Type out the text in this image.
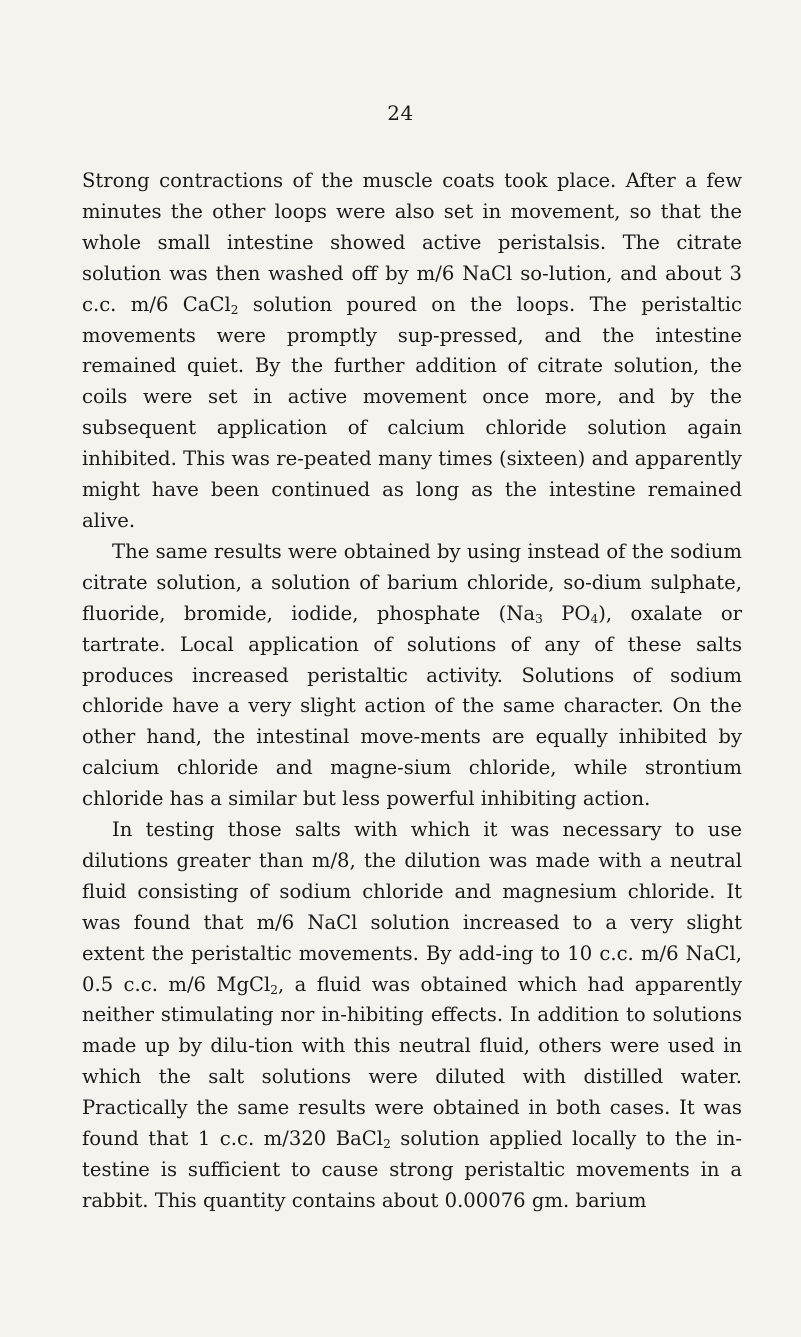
24

Strong contractions of the muscle coats took place. After a few minutes the other loops were also set in movement, so that the whole small intestine showed active peristalsis. The citrate solution was then washed off by m/6 NaCl so-lution, and about 3 c.c. m/6 CaCl$_2$ solution poured on the loops. The peristaltic movements were promptly sup-pressed, and the intestine remained quiet. By the further addition of citrate solution, the coils were set in active movement once more, and by the subsequent application of calcium chloride solution again inhibited. This was re-peated many times (sixteen) and apparently might have been continued as long as the intestine remained alive.

The same results were obtained by using instead of the sodium citrate solution, a solution of barium chloride, so-dium sulphate, fluoride, bromide, iodide, phosphate ($Na_3$ $PO_4$), oxalate or tartrate. Local application of solutions of any of these salts produces increased peristaltic activity. Solutions of sodium chloride have a very slight action of the same character. On the other hand, the intestinal move-ments are equally inhibited by calcium chloride and magne-sium chloride, while strontium chloride has a similar but less powerful inhibiting action.

In testing those salts with which it was necessary to use dilutions greater than m/8, the dilution was made with a neutral fluid consisting of sodium chloride and magnesium chloride. It was found that m/6 NaCl solution increased to a very slight extent the peristaltic movements. By add-ing to 10 c.c. m/6 NaCl, 0.5 c.c. m/6 MgCl$_2$, a fluid was obtained which had apparently neither stimulating nor in-hibiting effects. In addition to solutions made up by dilu-tion with this neutral fluid, others were used in which the salt solutions were diluted with distilled water. Practically the same results were obtained in both cases. It was found that 1 c.c. m/320 BaCl$_2$ solution applied locally to the in-testine is sufficient to cause strong peristaltic movements in a rabbit. This quantity contains about 0.00076 gm. barium
